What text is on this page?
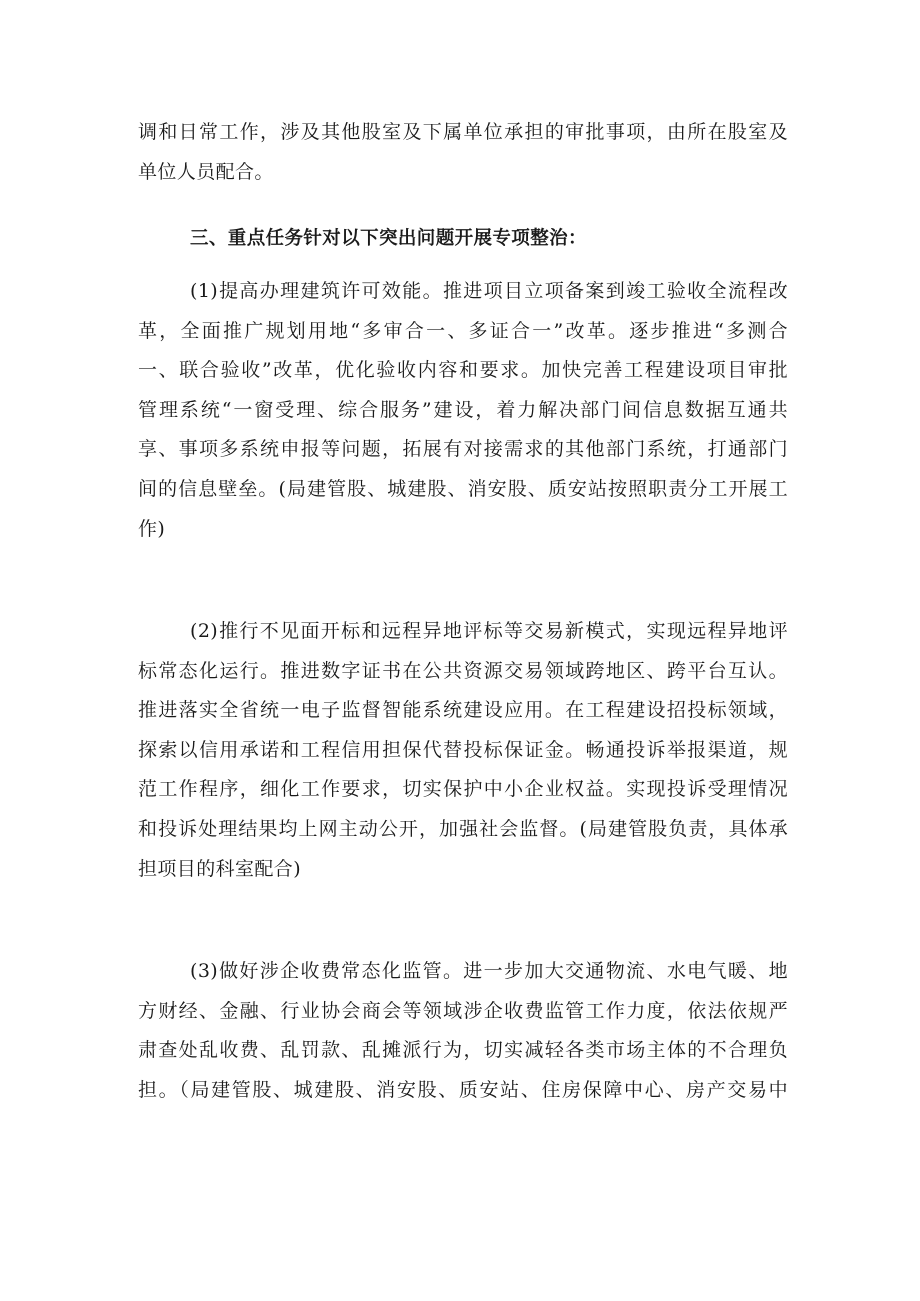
调和日常工作，涉及其他股室及下属单位承担的审批事项，由所在股室及
单位人员配合。
三、重点任务针对以下突出问题开展专项整治：
(1)提高办理建筑许可效能。推进项目立项备案到竣工验收全流程改
革，全面推广规划用地“多审合一、多证合一”改革。逐步推进“多测合
一、联合验收”改革，优化验收内容和要求。加快完善工程建设项目审批
管理系统“一窗受理、综合服务”建设，着力解决部门间信息数据互通共
享、事项多系统申报等问题，拓展有对接需求的其他部门系统，打通部门
间的信息壁垒。(局建管股、城建股、消安股、质安站按照职责分工开展工
作)
(2)推行不见面开标和远程异地评标等交易新模式，实现远程异地评
标常态化运行。推进数字证书在公共资源交易领域跨地区、跨平台互认。
推进落实全省统一电子监督智能系统建设应用。在工程建设招投标领域，
探索以信用承诺和工程信用担保代替投标保证金。畅通投诉举报渠道，规
范工作程序，细化工作要求，切实保护中小企业权益。实现投诉受理情况
和投诉处理结果均上网主动公开，加强社会监督。(局建管股负责，具体承
担项目的科室配合)
(3)做好涉企收费常态化监管。进一步加大交通物流、水电气暖、地
方财经、金融、行业协会商会等领域涉企收费监管工作力度，依法依规严
肃查处乱收费、乱罚款、乱摊派行为，切实减轻各类市场主体的不合理负
担。（局建管股、城建股、消安股、质安站、住房保障中心、房产交易中
